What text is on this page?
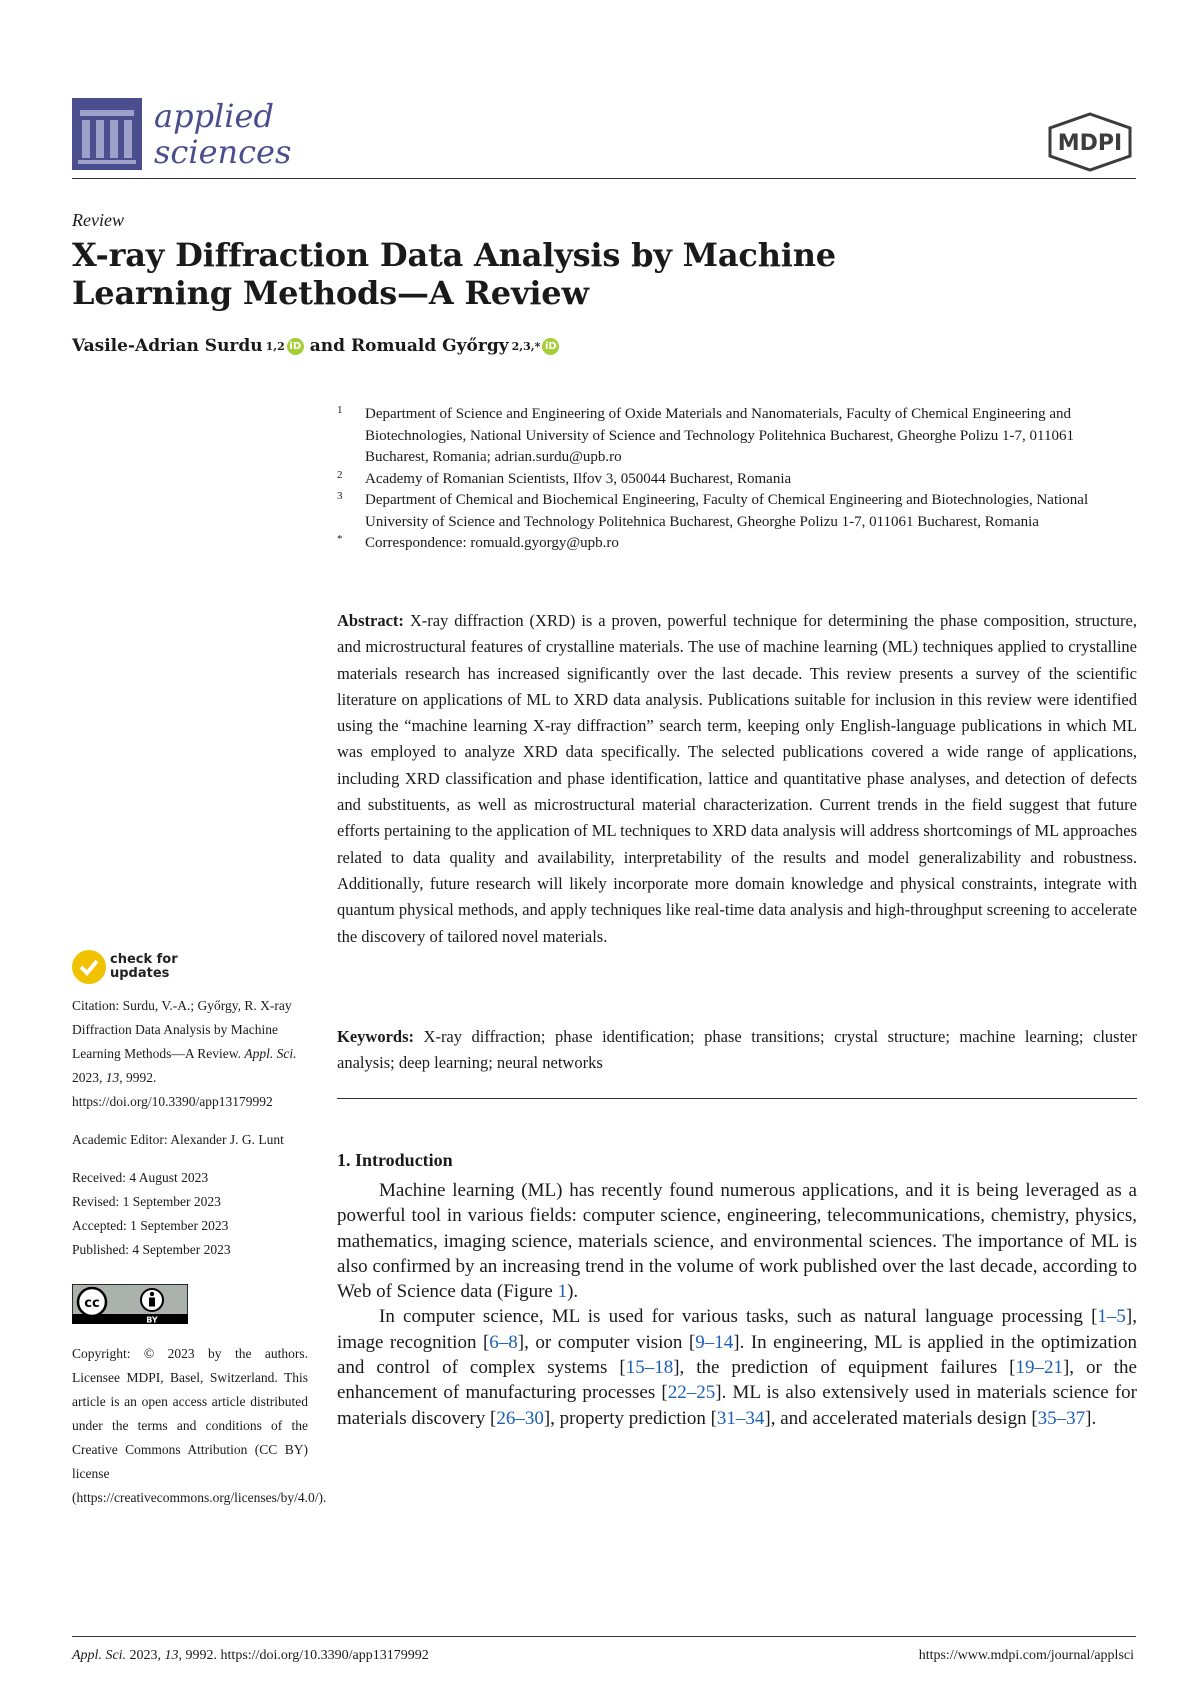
applied
sciences	MDPI
Review
X-ray Diffraction Data Analysis by Machine Learning Methods—A Review
Vasile-Adrian Surdu 1,2 iD and Romuald Győrgy 2,3,* iD
1 Department of Science and Engineering of Oxide Materials and Nanomaterials, Faculty of Chemical Engineering and Biotechnologies, National University of Science and Technology Politehnica Bucharest, Gheorghe Polizu 1-7, 011061 Bucharest, Romania; adrian.surdu@upb.ro
2 Academy of Romanian Scientists, Ilfov 3, 050044 Bucharest, Romania
3 Department of Chemical and Biochemical Engineering, Faculty of Chemical Engineering and Biotechnologies, National University of Science and Technology Politehnica Bucharest, Gheorghe Polizu 1-7, 011061 Bucharest, Romania
* Correspondence: romuald.gyorgy@upb.ro
Abstract: X-ray diffraction (XRD) is a proven, powerful technique for determining the phase composition, structure, and microstructural features of crystalline materials. The use of machine learning (ML) techniques applied to crystalline materials research has increased significantly over the last decade. This review presents a survey of the scientific literature on applications of ML to XRD data analysis. Publications suitable for inclusion in this review were identified using the “machine learning X-ray diffraction” search term, keeping only English-language publications in which ML was employed to analyze XRD data specifically. The selected publications covered a wide range of applications, including XRD classification and phase identification, lattice and quantitative phase analyses, and detection of defects and substituents, as well as microstructural material characterization. Current trends in the field suggest that future efforts pertaining to the application of ML techniques to XRD data analysis will address shortcomings of ML approaches related to data quality and availability, interpretability of the results and model generalizability and robustness. Additionally, future research will likely incorporate more domain knowledge and physical constraints, integrate with quantum physical methods, and apply techniques like real-time data analysis and high-throughput screening to accelerate the discovery of tailored novel materials.
Keywords: X-ray diffraction; phase identification; phase transitions; crystal structure; machine learning; cluster analysis; deep learning; neural networks
1. Introduction

Machine learning (ML) has recently found numerous applications, and it is being leveraged as a powerful tool in various fields: computer science, engineering, telecommunications, chemistry, physics, mathematics, imaging science, materials science, and environmental sciences. The importance of ML is also confirmed by an increasing trend in the volume of work published over the last decade, according to Web of Science data (Figure 1).

In computer science, ML is used for various tasks, such as natural language processing [1–5], image recognition [6–8], or computer vision [9–14]. In engineering, ML is applied in the optimization and control of complex systems [15–18], the prediction of equipment failures [19–21], or the enhancement of manufacturing processes [22–25]. ML is also extensively used in materials science for materials discovery [26–30], property prediction [31–34], and accelerated materials design [35–37].

check for
updates
Citation: Surdu, V.-A.; Győrgy, R. X-ray Diffraction Data Analysis by Machine Learning Methods—A Review. Appl. Sci. 2023, 13, 9992. https://doi.org/10.3390/app13179992
Academic Editor: Alexander J. G. Lunt
Received: 4 August 2023
Revised: 1 September 2023
Accepted: 1 September 2023
Published: 4 September 2023
cc
BY
Copyright: © 2023 by the authors. Licensee MDPI, Basel, Switzerland. This article is an open access article distributed under the terms and conditions of the Creative Commons Attribution (CC BY) license (https://creativecommons.org/licenses/by/4.0/).
Appl. Sci. 2023, 13, 9992. https://doi.org/10.3390/app13179992	https://www.mdpi.com/journal/applsci
